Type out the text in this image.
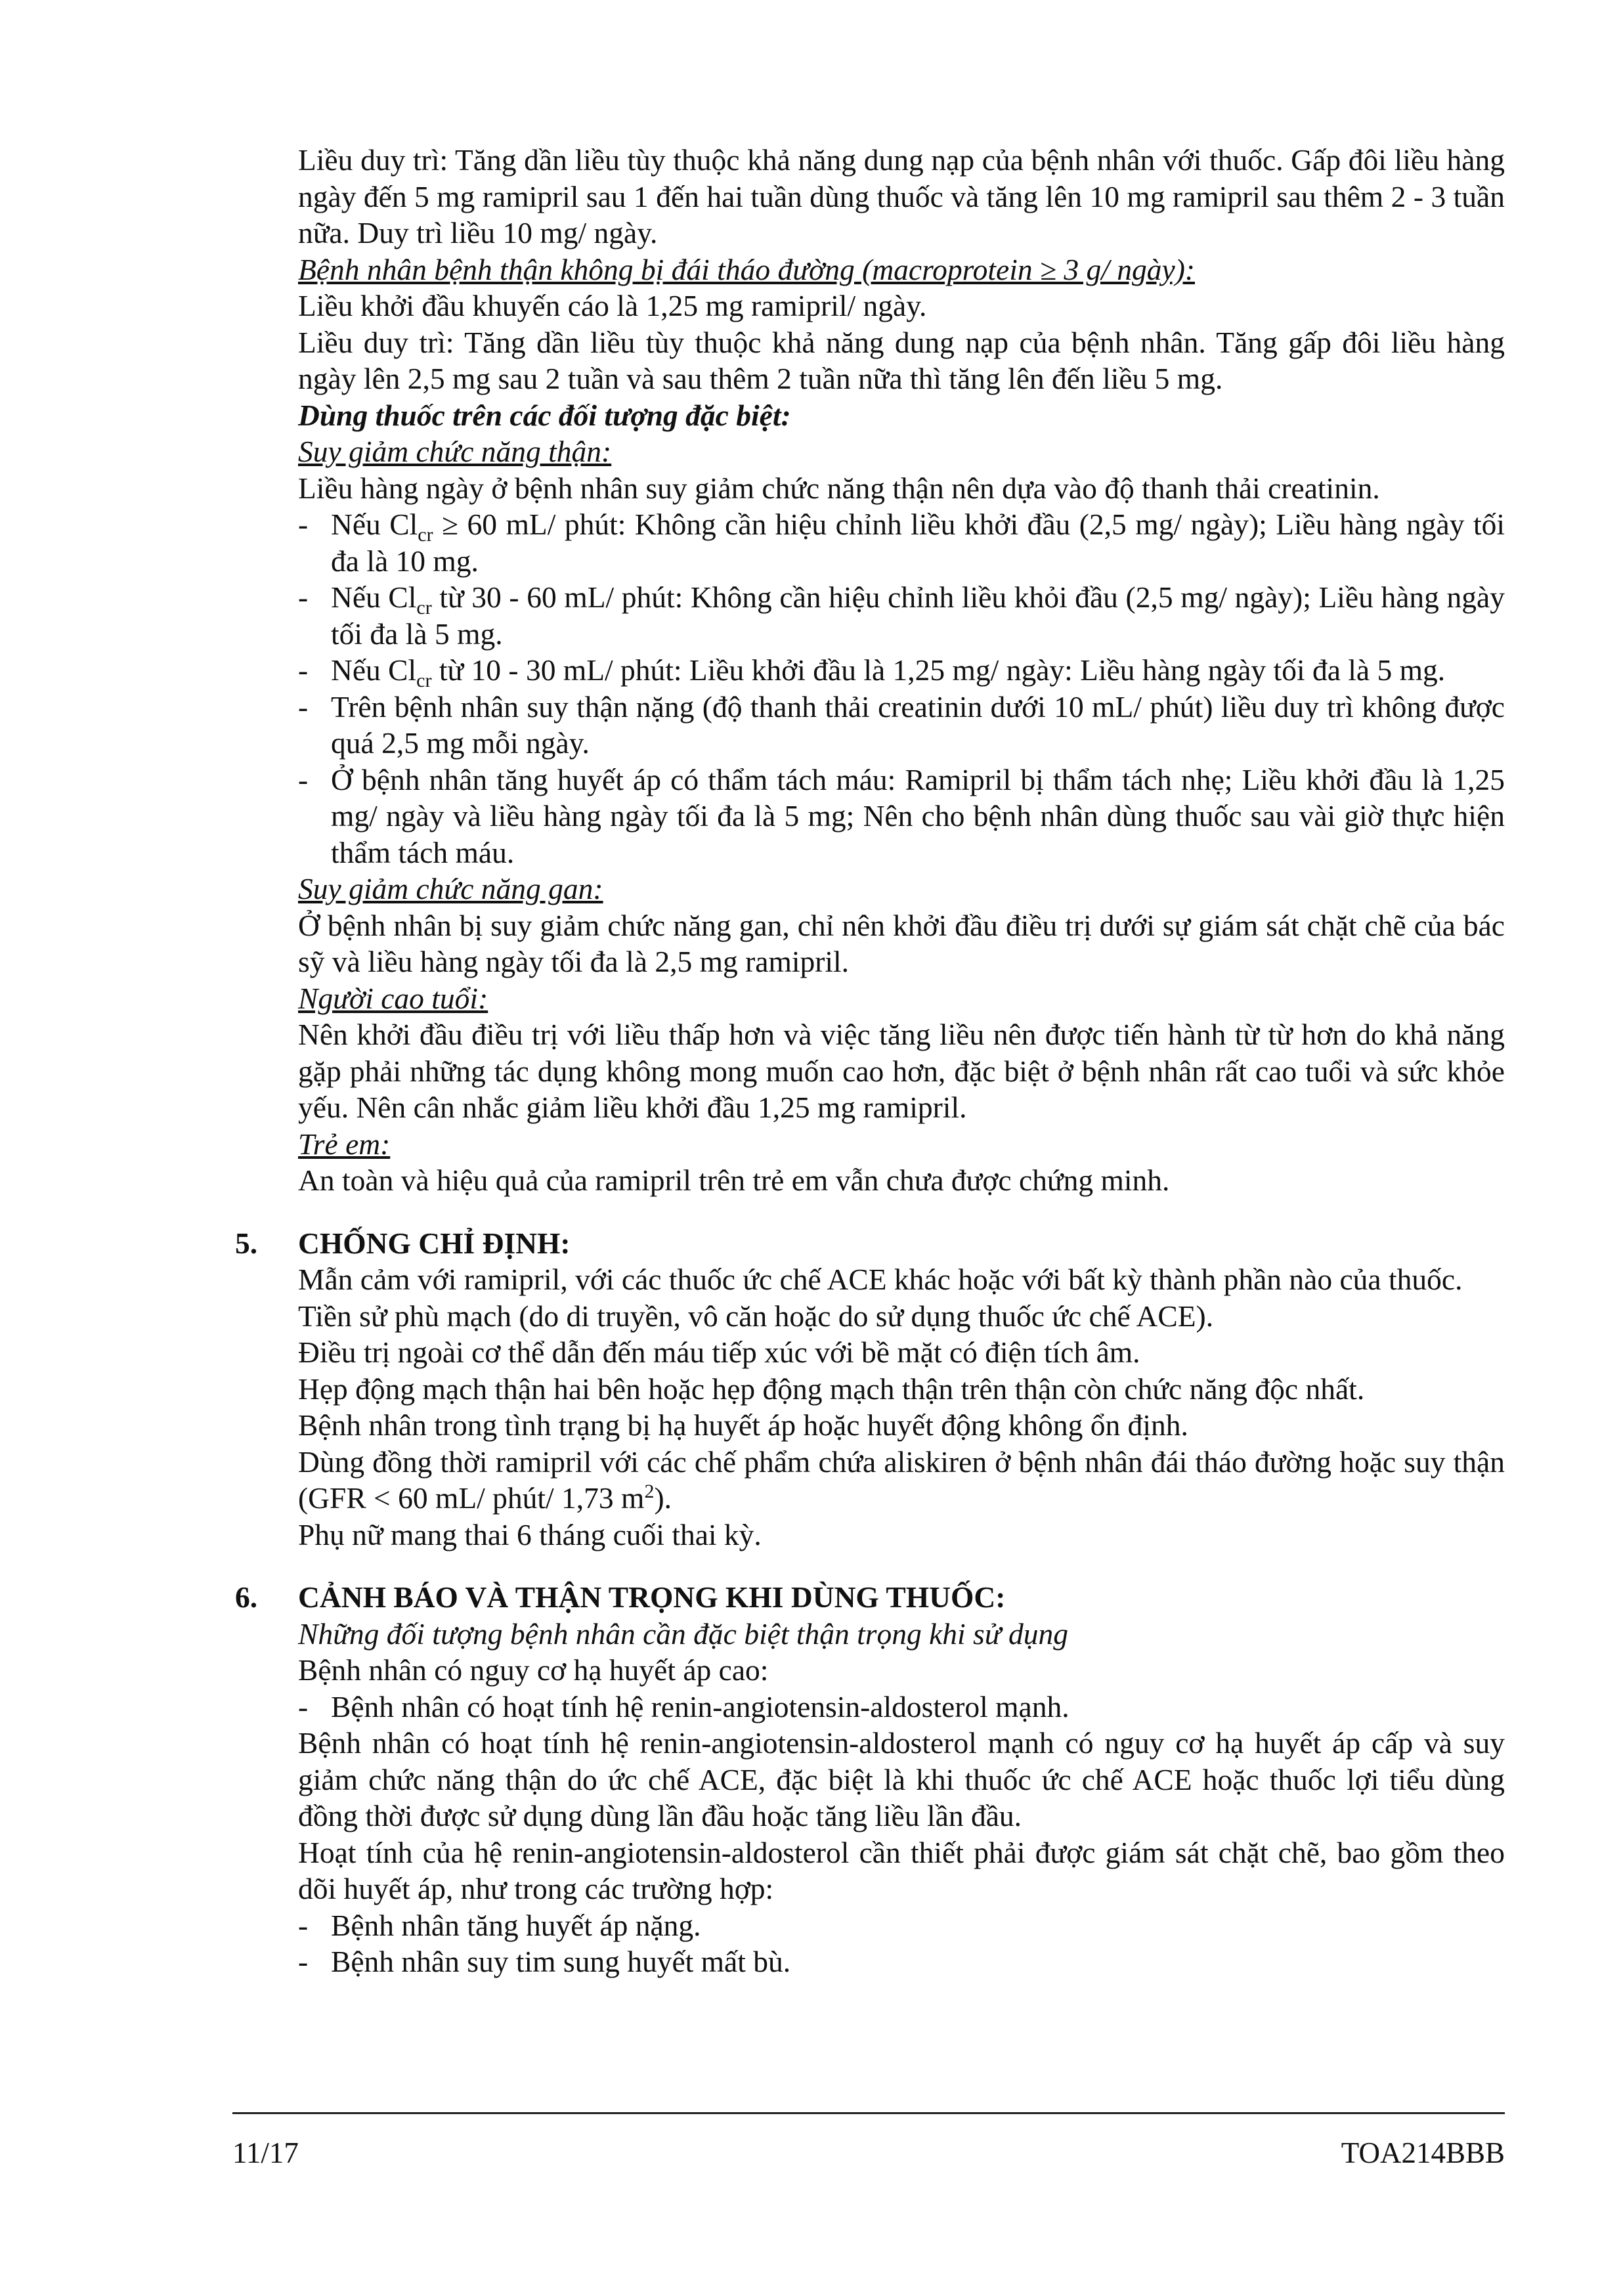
Liều duy trì: Tăng dần liều tùy thuộc khả năng dung nạp của bệnh nhân với thuốc. Gấp đôi liều hàng ngày đến 5 mg ramipril sau 1 đến hai tuần dùng thuốc và tăng lên 10 mg ramipril sau thêm 2 - 3 tuần nữa. Duy trì liều 10 mg/ ngày.

Bệnh nhân bệnh thận không bị đái tháo đường (macroprotein ≥ 3 g/ ngày):

Liều khởi đầu khuyến cáo là 1,25 mg ramipril/ ngày.

Liều duy trì: Tăng dần liều tùy thuộc khả năng dung nạp của bệnh nhân. Tăng gấp đôi liều hàng ngày lên 2,5 mg sau 2 tuần và sau thêm 2 tuần nữa thì tăng lên đến liều 5 mg.

Dùng thuốc trên các đối tượng đặc biệt:

Suy giảm chức năng thận:

Liều hàng ngày ở bệnh nhân suy giảm chức năng thận nên dựa vào độ thanh thải creatinin.

- Nếu $Cl_{cr} \ge 60$ mL/ phút: Không cần hiệu chỉnh liều khởi đầu (2,5 mg/ ngày); Liều hàng ngày tối đa là 10 mg.
- Nếu $Cl_{cr}$ từ 30 - 60 mL/ phút: Không cần hiệu chỉnh liều khỏi đầu (2,5 mg/ ngày); Liều hàng ngày tối đa là 5 mg.
- Nếu $Cl_{cr}$ từ 10 - 30 mL/ phút: Liều khởi đầu là 1,25 mg/ ngày: Liều hàng ngày tối đa là 5 mg.
- Trên bệnh nhân suy thận nặng (độ thanh thải creatinin dưới 10 mL/ phút) liều duy trì không được quá 2,5 mg mỗi ngày.
- Ở bệnh nhân tăng huyết áp có thẩm tách máu: Ramipril bị thẩm tách nhẹ; Liều khởi đầu là 1,25 mg/ ngày và liều hàng ngày tối đa là 5 mg; Nên cho bệnh nhân dùng thuốc sau vài giờ thực hiện thẩm tách máu.

Suy giảm chức năng gan:

Ở bệnh nhân bị suy giảm chức năng gan, chỉ nên khởi đầu điều trị dưới sự giám sát chặt chẽ của bác sỹ và liều hàng ngày tối đa là 2,5 mg ramipril.

Người cao tuổi:

Nên khởi đầu điều trị với liều thấp hơn và việc tăng liều nên được tiến hành từ từ hơn do khả năng gặp phải những tác dụng không mong muốn cao hơn, đặc biệt ở bệnh nhân rất cao tuổi và sức khỏe yếu. Nên cân nhắc giảm liều khởi đầu 1,25 mg ramipril.

Trẻ em:

An toàn và hiệu quả của ramipril trên trẻ em vẫn chưa được chứng minh.

5. CHỐNG CHỈ ĐỊNH:

Mẫn cảm với ramipril, với các thuốc ức chế ACE khác hoặc với bất kỳ thành phần nào của thuốc.

Tiền sử phù mạch (do di truyền, vô căn hoặc do sử dụng thuốc ức chế ACE).

Điều trị ngoài cơ thể dẫn đến máu tiếp xúc với bề mặt có điện tích âm.

Hẹp động mạch thận hai bên hoặc hẹp động mạch thận trên thận còn chức năng độc nhất.

Bệnh nhân trong tình trạng bị hạ huyết áp hoặc huyết động không ổn định.

Dùng đồng thời ramipril với các chế phẩm chứa aliskiren ở bệnh nhân đái tháo đường hoặc suy thận (GFR < 60 mL/ phút/ 1,73 $m^2$).

Phụ nữ mang thai 6 tháng cuối thai kỳ.

6. CẢNH BÁO VÀ THẬN TRỌNG KHI DÙNG THUỐC:

Những đối tượng bệnh nhân cần đặc biệt thận trọng khi sử dụng

Bệnh nhân có nguy cơ hạ huyết áp cao:

- Bệnh nhân có hoạt tính hệ renin-angiotensin-aldosterol mạnh.

Bệnh nhân có hoạt tính hệ renin-angiotensin-aldosterol mạnh có nguy cơ hạ huyết áp cấp và suy giảm chức năng thận do ức chế ACE, đặc biệt là khi thuốc ức chế ACE hoặc thuốc lợi tiểu dùng đồng thời được sử dụng dùng lần đầu hoặc tăng liều lần đầu.

Hoạt tính của hệ renin-angiotensin-aldosterol cần thiết phải được giám sát chặt chẽ, bao gồm theo dõi huyết áp, như trong các trường hợp:

- Bệnh nhân tăng huyết áp nặng.
- Bệnh nhân suy tim sung huyết mất bù.
11/17	TOA214BBB
